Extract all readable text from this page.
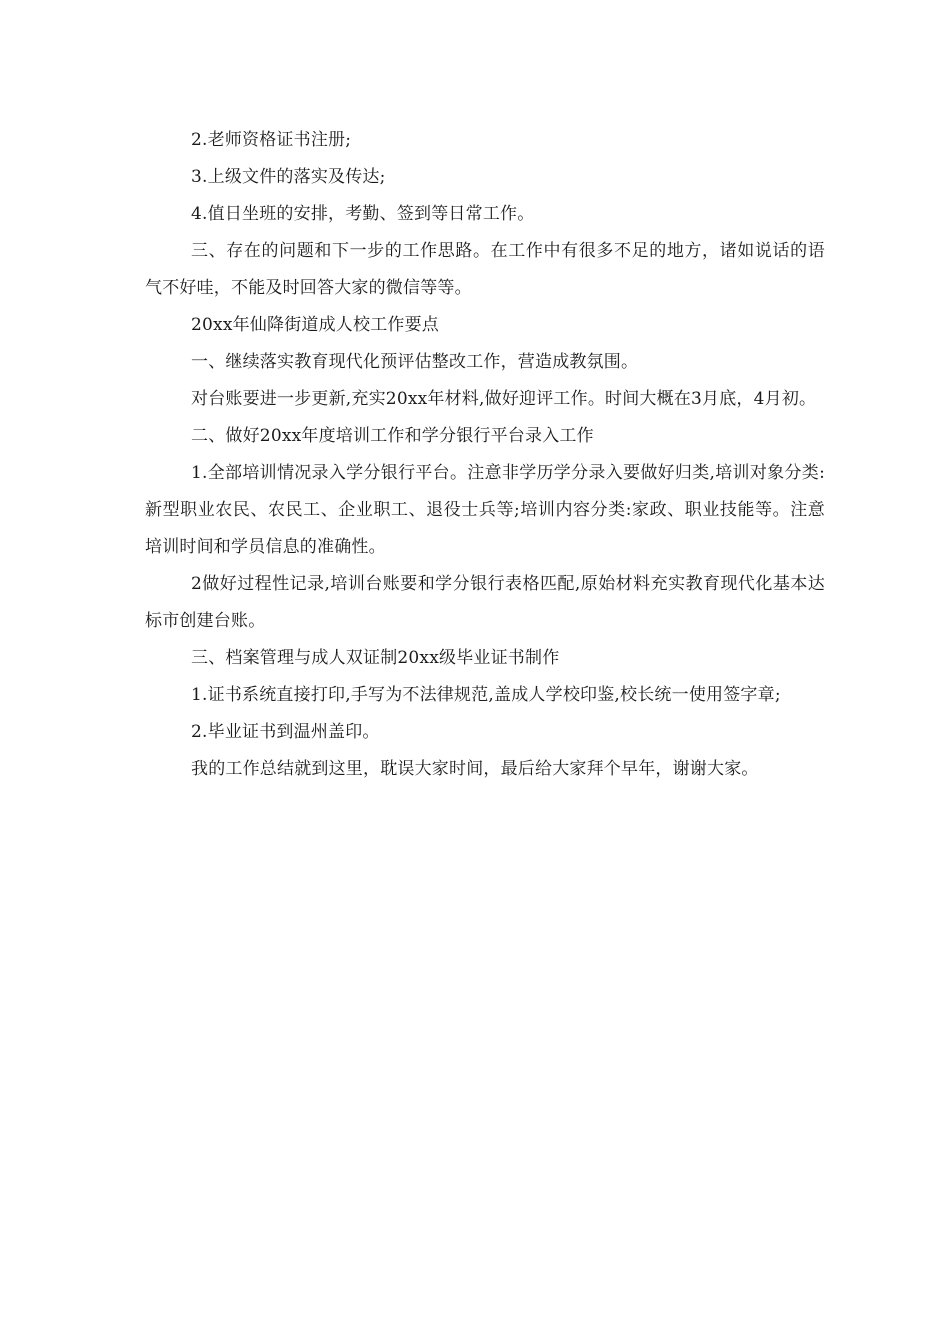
2.老师资格证书注册;

3.上级文件的落实及传达;

4.值日坐班的安排，考勤、签到等日常工作。

三、存在的问题和下一步的工作思路。在工作中有很多不足的地方，诸如说话的语气不好哇，不能及时回答大家的微信等等。

20xx年仙降街道成人校工作要点

一、继续落实教育现代化预评估整改工作，营造成教氛围。

对台账要进一步更新,充实20xx年材料,做好迎评工作。时间大概在3月底，4月初。

二、做好20xx年度培训工作和学分银行平台录入工作

1.全部培训情况录入学分银行平台。注意非学历学分录入要做好归类,培训对象分类:新型职业农民、农民工、企业职工、退役士兵等;培训内容分类:家政、职业技能等。注意培训时间和学员信息的准确性。

2做好过程性记录,培训台账要和学分银行表格匹配,原始材料充实教育现代化基本达标市创建台账。

三、档案管理与成人双证制20xx级毕业证书制作

1.证书系统直接打印,手写为不法律规范,盖成人学校印鉴,校长统一使用签字章;

2.毕业证书到温州盖印。

我的工作总结就到这里，耽误大家时间，最后给大家拜个早年，谢谢大家。
